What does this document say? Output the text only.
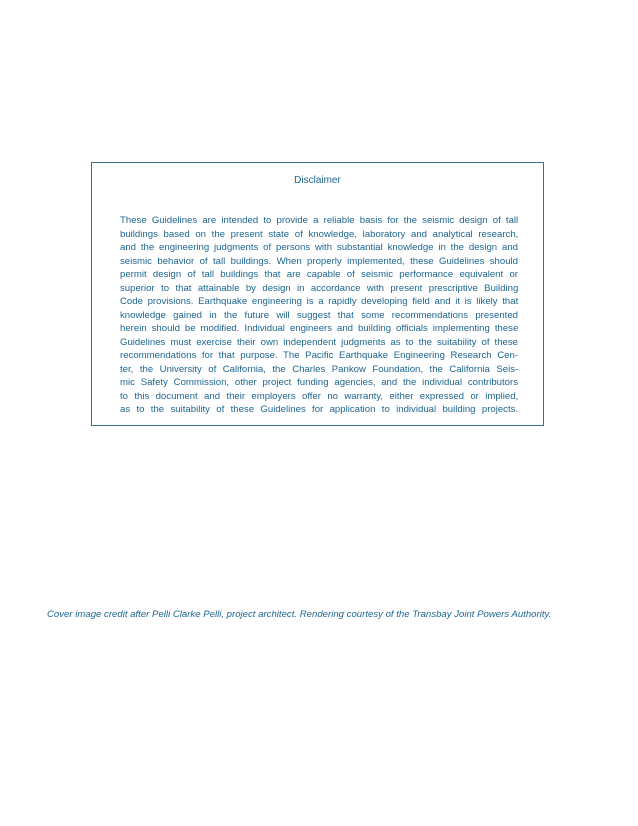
Disclaimer
These Guidelines are intended to provide a reliable basis for the seismic design of tall
buildings based on the present state of knowledge, laboratory and analytical research,
and the engineering judgments of persons with substantial knowledge in the design and
seismic behavior of tall buildings. When properly implemented, these Guidelines should
permit design of tall buildings that are capable of seismic performance equivalent or
superior to that attainable by design in accordance with present prescriptive Building
Code provisions. Earthquake engineering is a rapidly developing field and it is likely that
knowledge gained in the future will suggest that some recommendations presented
herein should be modified. Individual engineers and building officials implementing these
Guidelines must exercise their own independent judgments as to the suitability of these
recommendations for that purpose. The Pacific Earthquake Engineering Research Cen-
ter, the University of California, the Charles Pankow Foundation, the California Seis-
mic Safety Commission, other project funding agencies, and the individual contributors
to this document and their employers offer no warranty, either expressed or implied,
as to the suitability of these Guidelines for application to individual building projects.
Cover image credit after Pelli Clarke Pelli, project architect. Rendering courtesy of the Transbay Joint Powers Authority.
